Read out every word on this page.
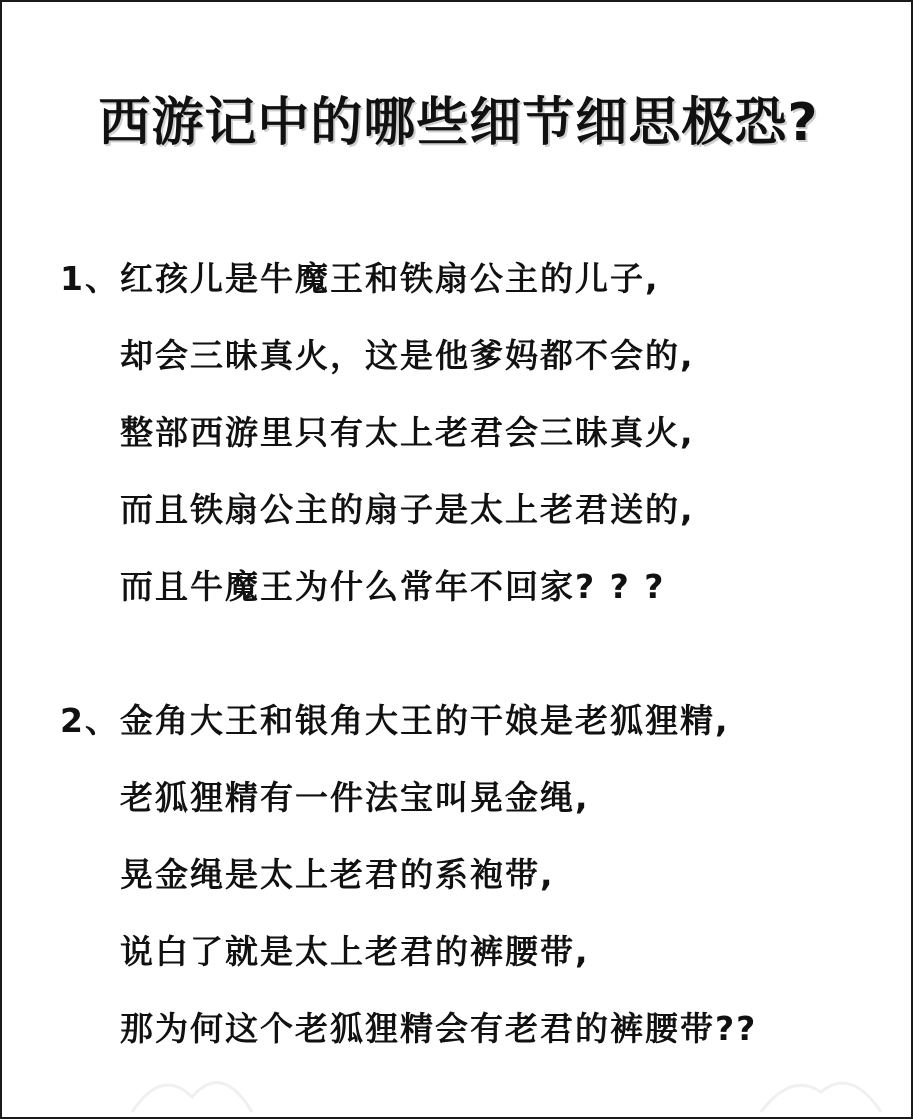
西游记中的哪些细节细思极恐?
1、红孩儿是牛魔王和铁扇公主的儿子,
却会三昧真火，这是他爹妈都不会的,
整部西游里只有太上老君会三昧真火,
而且铁扇公主的扇子是太上老君送的,
而且牛魔王为什么常年不回家? ? ?
2、金角大王和银角大王的干娘是老狐狸精,
老狐狸精有一件法宝叫晃金绳,
晃金绳是太上老君的系袍带,
说白了就是太上老君的裤腰带,
那为何这个老狐狸精会有老君的裤腰带??
